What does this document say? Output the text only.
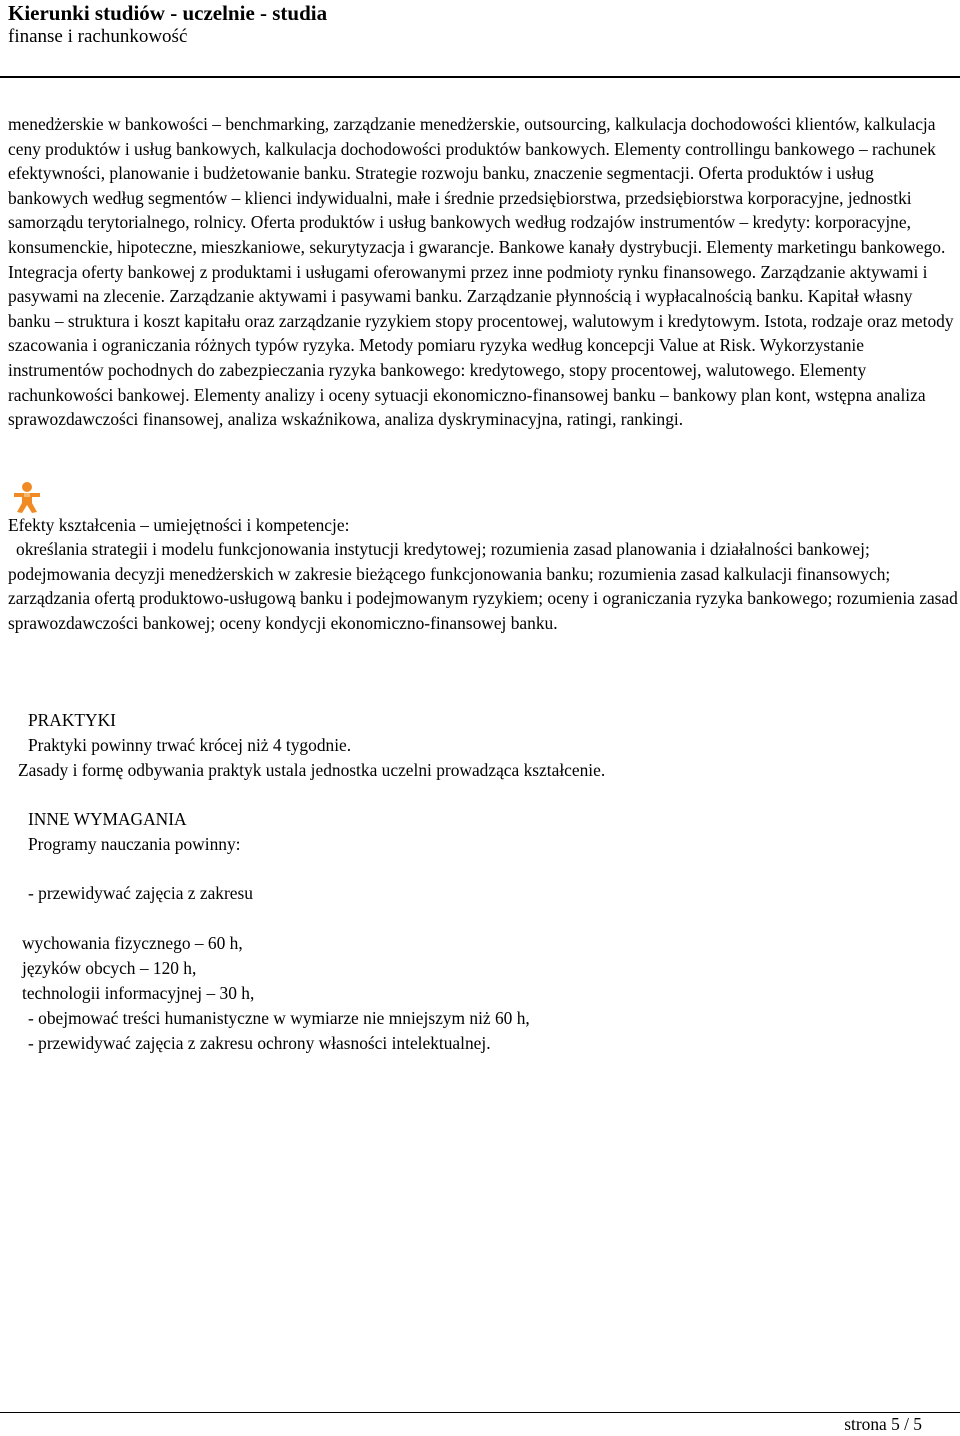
Kierunki studiów - uczelnie - studia

finanse i rachunkowość

menedżerskie w bankowości – benchmarking, zarządzanie menedżerskie, outsourcing, kalkulacja dochodowości klientów, kalkulacja ceny produktów i usług bankowych, kalkulacja dochodowości produktów bankowych. Elementy controllingu bankowego – rachunek efektywności, planowanie i budżetowanie banku. Strategie rozwoju banku, znaczenie segmentacji. Oferta produktów i usług bankowych według segmentów – klienci indywidualni, małe i średnie przedsiębiorstwa, przedsiębiorstwa korporacyjne, jednostki samorządu terytorialnego, rolnicy. Oferta produktów i usług bankowych według rodzajów instrumentów – kredyty: korporacyjne, konsumenckie, hipoteczne, mieszkaniowe, sekurytyzacja i gwarancje. Bankowe kanały dystrybucji. Elementy marketingu bankowego. Integracja oferty bankowej z produktami i usługami oferowanymi przez inne podmioty rynku finansowego. Zarządzanie aktywami i pasywami na zlecenie. Zarządzanie aktywami i pasywami banku. Zarządzanie płynnością i wypłacalnością banku. Kapitał własny banku – struktura i koszt kapitału oraz zarządzanie ryzykiem stopy procentowej, walutowym i kredytowym. Istota, rodzaje oraz metody szacowania i ograniczania różnych typów ryzyka. Metody pomiaru ryzyka według koncepcji Value at Risk. Wykorzystanie instrumentów pochodnych do zabezpieczania ryzyka bankowego: kredytowego, stopy procentowej, walutowego. Elementy rachunkowości bankowej. Elementy analizy i oceny sytuacji ekonomiczno-finansowej banku – bankowy plan kont, wstępna analiza sprawozdawczości finansowej, analiza wskaźnikowa, analiza dyskryminacyjna, ratingi, rankingi.

Efekty kształcenia – umiejętności i kompetencje:

określania strategii i modelu funkcjonowania instytucji kredytowej; rozumienia zasad planowania i działalności bankowej; podejmowania decyzji menedżerskich w zakresie bieżącego funkcjonowania banku; rozumienia zasad kalkulacji finansowych; zarządzania ofertą produktowo-usługową banku i podejmowanym ryzykiem; oceny i ograniczania ryzyka bankowego; rozumienia zasad sprawozdawczości bankowej; oceny kondycji ekonomiczno-finansowej banku.

PRAKTYKI
Praktyki powinny trwać krócej niż 4 tygodnie.
Zasady i formę odbywania praktyk ustala jednostka uczelni prowadząca kształcenie.
INNE WYMAGANIA
Programy nauczania powinny:
- przewidywać zajęcia z zakresu
wychowania fizycznego – 60 h,
języków obcych – 120 h,
technologii informacyjnej – 30 h,
- obejmować treści humanistyczne w wymiarze nie mniejszym niż 60 h,
- przewidywać zajęcia z zakresu ochrony własności intelektualnej.
strona 5 / 5
